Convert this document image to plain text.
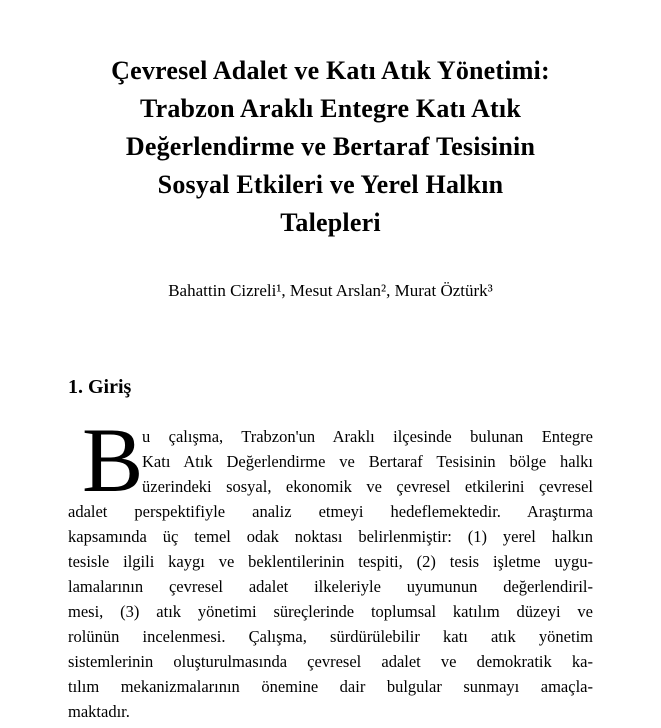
Çevresel Adalet ve Katı Atık Yönetimi:
Trabzon Araklı Entegre Katı Atık
Değerlendirme ve Bertaraf Tesisinin
Sosyal Etkileri ve Yerel Halkın
Talepleri
Bahattin Cizreli¹, Mesut Arslan², Murat Öztürk³
1. Giriş
B
u çalışma, Trabzon'un Araklı ilçesinde bulunan Entegre
Katı Atık Değerlendirme ve Bertaraf Tesisinin bölge halkı
üzerindeki sosyal, ekonomik ve çevresel etkilerini çevresel
adalet perspektifiyle analiz etmeyi hedeflemektedir. Araştırma
kapsamında üç temel odak noktası belirlenmiştir: (1) yerel halkın
tesisle ilgili kaygı ve beklentilerinin tespiti, (2) tesis işletme uygu-
lamalarının çevresel adalet ilkeleriyle uyumunun değerlendiril-
mesi, (3) atık yönetimi süreçlerinde toplumsal katılım düzeyi ve
rolünün incelenmesi. Çalışma, sürdürülebilir katı atık yönetim
sistemlerinin oluşturulmasında çevresel adalet ve demokratik ka-
tılım mekanizmalarının önemine dair bulgular sunmayı amaçla-
maktadır.
